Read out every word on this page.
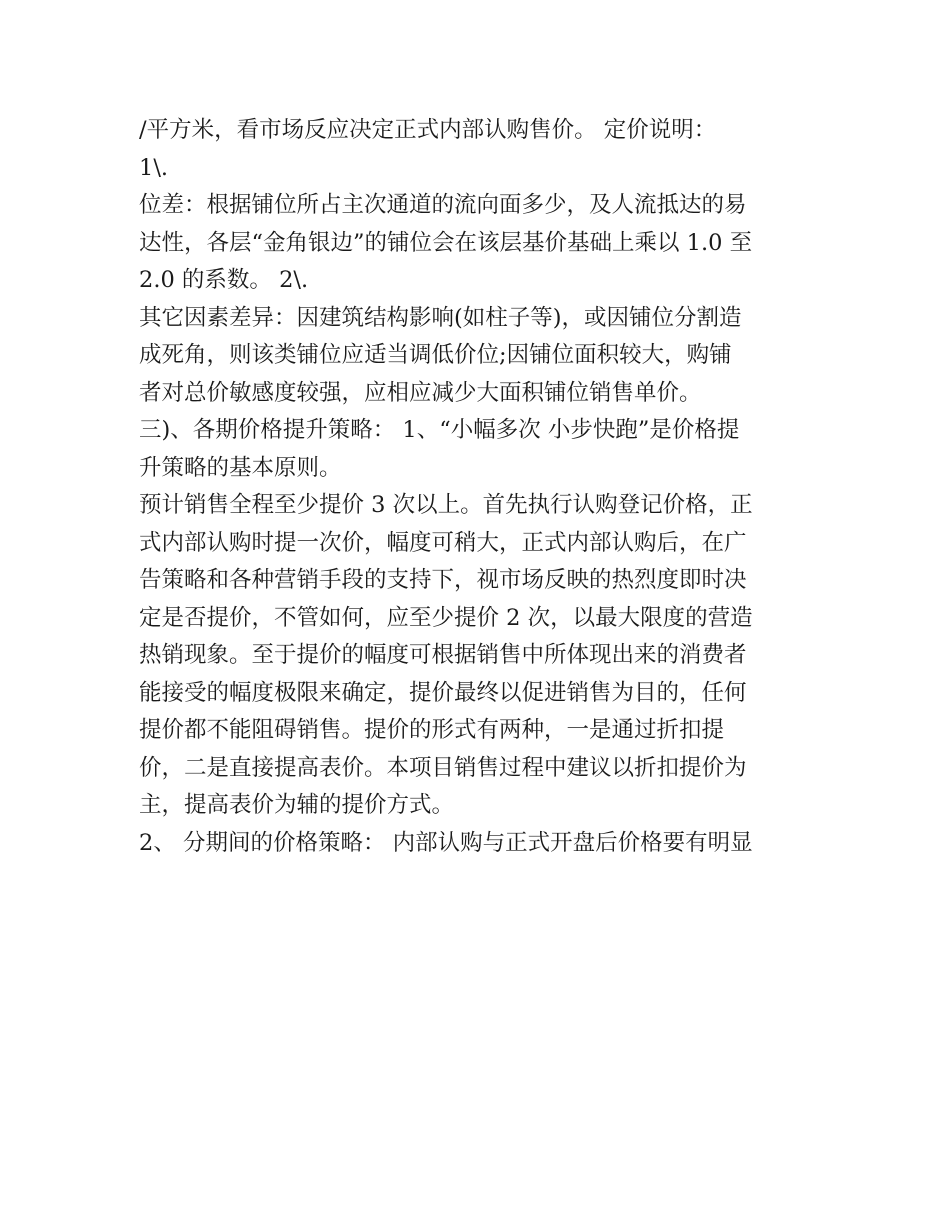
/平方米，看市场反应决定正式内部认购售价。 定价说明：
1\.
位差：根据铺位所占主次通道的流向面多少，及人流抵达的易
达性，各层“金角银边”的铺位会在该层基价基础上乘以 1.0 至
2.0 的系数。 2\.
其它因素差异：因建筑结构影响(如柱子等)，或因铺位分割造
成死角，则该类铺位应适当调低价位;因铺位面积较大，购铺
者对总价敏感度较强，应相应减少大面积铺位销售单价。
三)、各期价格提升策略： 1、“小幅多次 小步快跑”是价格提
升策略的基本原则。
预计销售全程至少提价 3 次以上。首先执行认购登记价格，正
式内部认购时提一次价，幅度可稍大，正式内部认购后，在广
告策略和各种营销手段的支持下，视市场反映的热烈度即时决
定是否提价，不管如何，应至少提价 2 次，以最大限度的营造
热销现象。至于提价的幅度可根据销售中所体现出来的消费者
能接受的幅度极限来确定，提价最终以促进销售为目的，任何
提价都不能阻碍销售。提价的形式有两种，一是通过折扣提
价，二是直接提高表价。本项目销售过程中建议以折扣提价为
主，提高表价为辅的提价方式。
2、 分期间的价格策略： 内部认购与正式开盘后价格要有明显
